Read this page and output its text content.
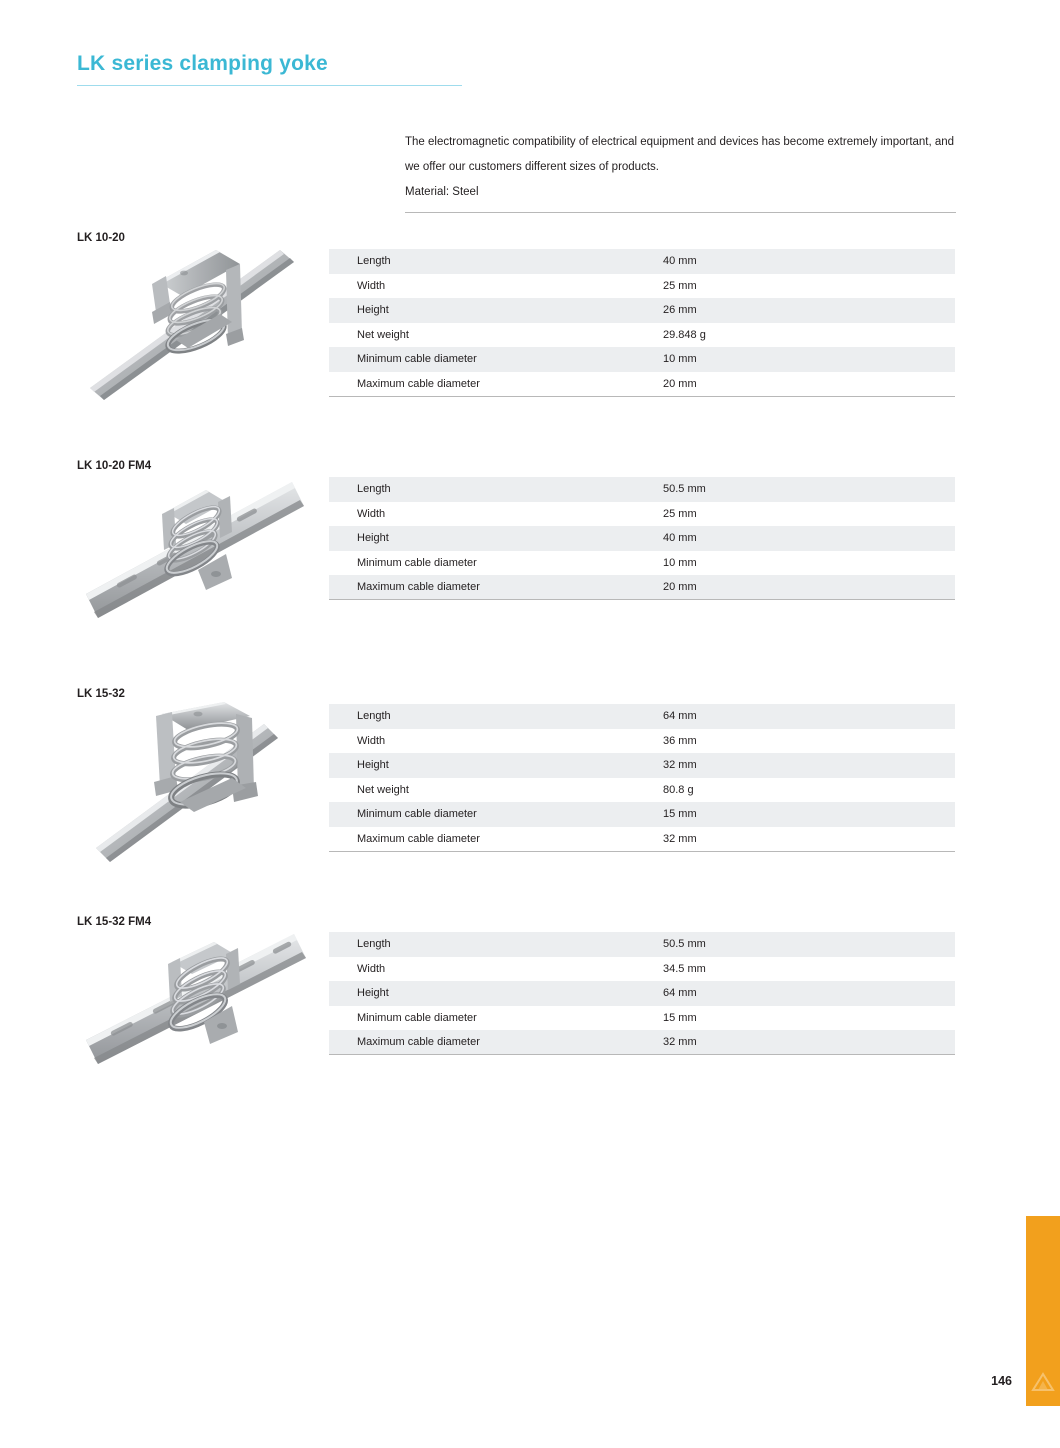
LK series clamping yoke

The electromagnetic compatibility of electrical equipment and devices has become extremely important, and we offer our customers different sizes of products.

Material: Steel

LK 10-20
Length	40 mm
Width	25 mm
Height	26 mm
Net weight	29.848 g
Minimum cable diameter	10 mm
Maximum cable diameter	20 mm
LK 10-20 FM4
Length	50.5 mm
Width	25 mm
Height	40 mm
Minimum cable diameter	10 mm
Maximum cable diameter	20 mm
LK 15-32
Length	64 mm
Width	36 mm
Height	32 mm
Net weight	80.8 g
Minimum cable diameter	15 mm
Maximum cable diameter	32 mm
LK 15-32 FM4
Length	50.5 mm
Width	34.5 mm
Height	64 mm
Minimum cable diameter	15 mm
Maximum cable diameter	32 mm
146
